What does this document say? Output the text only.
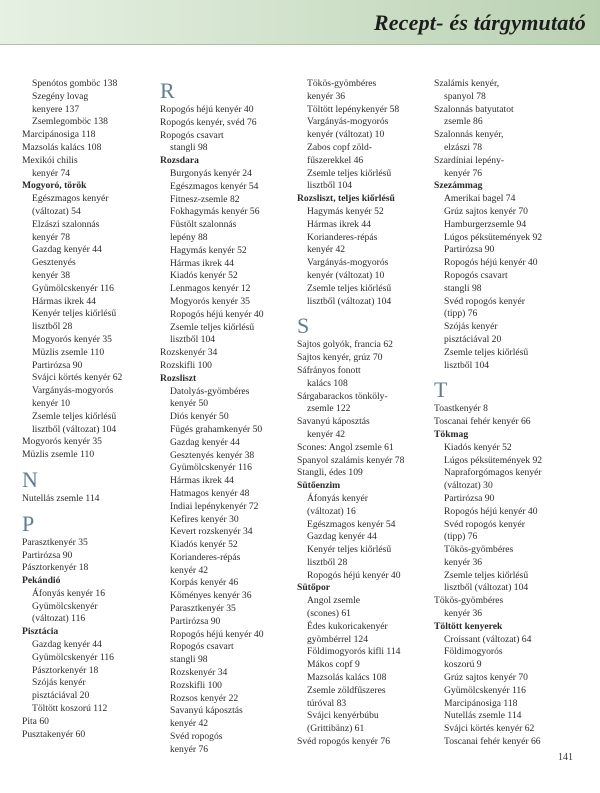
Recept- és tárgymutató
Spenótos gomböc 138
Szegény lovag
kenyere 137
Zsemlegomböc 138
Marcipánosiga 118
Mazsolás kalács 108
Mexikói chilis
kenyér 74
Mogyoró, török
Egészmagos kenyér
(változat) 54
Elzászi szalonnás
kenyér 78
Gazdag kenyér 44
Gesztenyés
kenyér 38
Gyümölcskenyér 116
Hármas ikrek 44
Kenyér teljes kiőrlésű
lisztből 28
Mogyorós kenyér 35
Müzlis zsemle 110
Partirózsa 90
Svájci körtés kenyér 62
Vargányás-mogyorós
kenyér 10
Zsemle teljes kiőrlésű
lisztből (változat) 104
Mogyorós kenyér 35
Müzlis zsemle 110
N
Nutellás zsemle 114
P
Parasztkenyér 35
Partirózsa 90
Pásztorkenyér 18
Pekándió
Áfonyás kenyér 16
Gyümölcskenyér
(változat) 116
Pisztácia
Gazdag kenyér 44
Gyümölcskenyér 116
Pásztorkenyér 18
Szójás kenyér
pisztáciával 20
Töltött koszorú 112
Pita 60
Pusztakenyér 60
R
Ropogós héjú kenyér 40
Ropogós kenyér, svéd 76
Ropogós csavart
stangli 98
Rozsdara
Burgonyás kenyér 24
Egészmagos kenyér 54
Fitnesz-zsemle 82
Fokhagymás kenyér 56
Füstölt szalonnás
lepény 88
Hagymás kenyér 52
Hármas ikrek 44
Kiadós kenyér 52
Lenmagos kenyér 12
Mogyorós kenyér 35
Ropogós héjú kenyér 40
Zsemle teljes kiőrlésű
lisztből 104
Rozskenyér 34
Rozskifli 100
Rozsliszt
Datolyás-gyömbéres
kenyér 50
Diós kenyér 50
Fügés grahamkenyér 50
Gazdag kenyér 44
Gesztenyés kenyér 38
Gyümölcskenyér 116
Hármas ikrek 44
Hatmagos kenyér 48
Indiai lepénykenyér 72
Kefires kenyér 30
Kevert rozskenyér 34
Kiadós kenyér 52
Korianderes-répás
kenyér 42
Korpás kenyér 46
Köményes kenyér 36
Parasztkenyér 35
Partirózsa 90
Ropogós héjú kenyér 40
Ropogós csavart
stangli 98
Rozskenyér 34
Rozskifli 100
Rozsos kenyér 22
Savanyú káposztás
kenyér 42
Svéd ropogós
kenyér 76
Tökös-gyömbéres
kenyér 36
Töltött lepénykenyér 58
Vargányás-mogyorós
kenyér (változat) 10
Zabos copf zöld-
fűszerekkel 46
Zsemle teljes kiőrlésű
lisztből 104
Rozsliszt, teljes kiőrlésű
Hagymás kenyér 52
Hármas ikrek 44
Korianderes-répás
kenyér 42
Vargányás-mogyorós
kenyér (változat) 10
Zsemle teljes kiőrlésű
lisztből (változat) 104
S
Sajtos golyók, francia 62
Sajtos kenyér, grúz 70
Sáfrányos fonott
kalács 108
Sárgabarackos tönköly-
zsemle 122
Savanyú káposztás
kenyér 42
Scones: Angol zsemle 61
Spanyol szalámis kenyér 78
Stangli, édes 109
Sütőenzim
Áfonyás kenyér
(változat) 16
Egészmagos kenyér 54
Gazdag kenyér 44
Kenyér teljes kiőrlésű
lisztből 28
Ropogós héjú kenyér 40
Sütőpor
Angol zsemle
(scones) 61
Édes kukoricakenyér
gyömbérrel 124
Földimogyorós kifli 114
Mákos copf 9
Mazsolás kalács 108
Zsemle zöldfűszeres
túróval 83
Svájci kenyérbúbu
(Grittibänz) 61
Svéd ropogós kenyér 76
Szalámis kenyér,
spanyol 78
Szalonnás batyutatot
zsemle 86
Szalonnás kenyér,
elzászi 78
Szardíniai lepény-
kenyér 76
Szezámmag
Amerikai bagel 74
Grúz sajtos kenyér 70
Hamburgerzsemle 94
Lúgos péksütemények 92
Partirózsa 90
Ropogós héjú kenyér 40
Ropogós csavart
stangli 98
Svéd ropogós kenyér
(tipp) 76
Szójás kenyér
pisztáciával 20
Zsemle teljes kiőrlésű
lisztből 104
T
Toastkenyér 8
Toscanai fehér kenyér 66
Tökmag
Kiadós kenyér 52
Lúgos péksütemények 92
Napraforgómagos kenyér
(változat) 30
Partirózsa 90
Ropogós héjú kenyér 40
Svéd ropogós kenyér
(tipp) 76
Tökös-gyömbéres
kenyér 36
Zsemle teljes kiőrlésű
lisztből (változat) 104
Tökös-gyömbéres
kenyér 36
Töltött kenyerek
Croissant (változat) 64
Földimogyorós
koszorú 9
Grúz sajtos kenyér 70
Gyümölcskenyér 116
Marcipánosiga 118
Nutellás zsemle 114
Svájci körtés kenyér 62
Toscanai fehér kenyér 66
141
